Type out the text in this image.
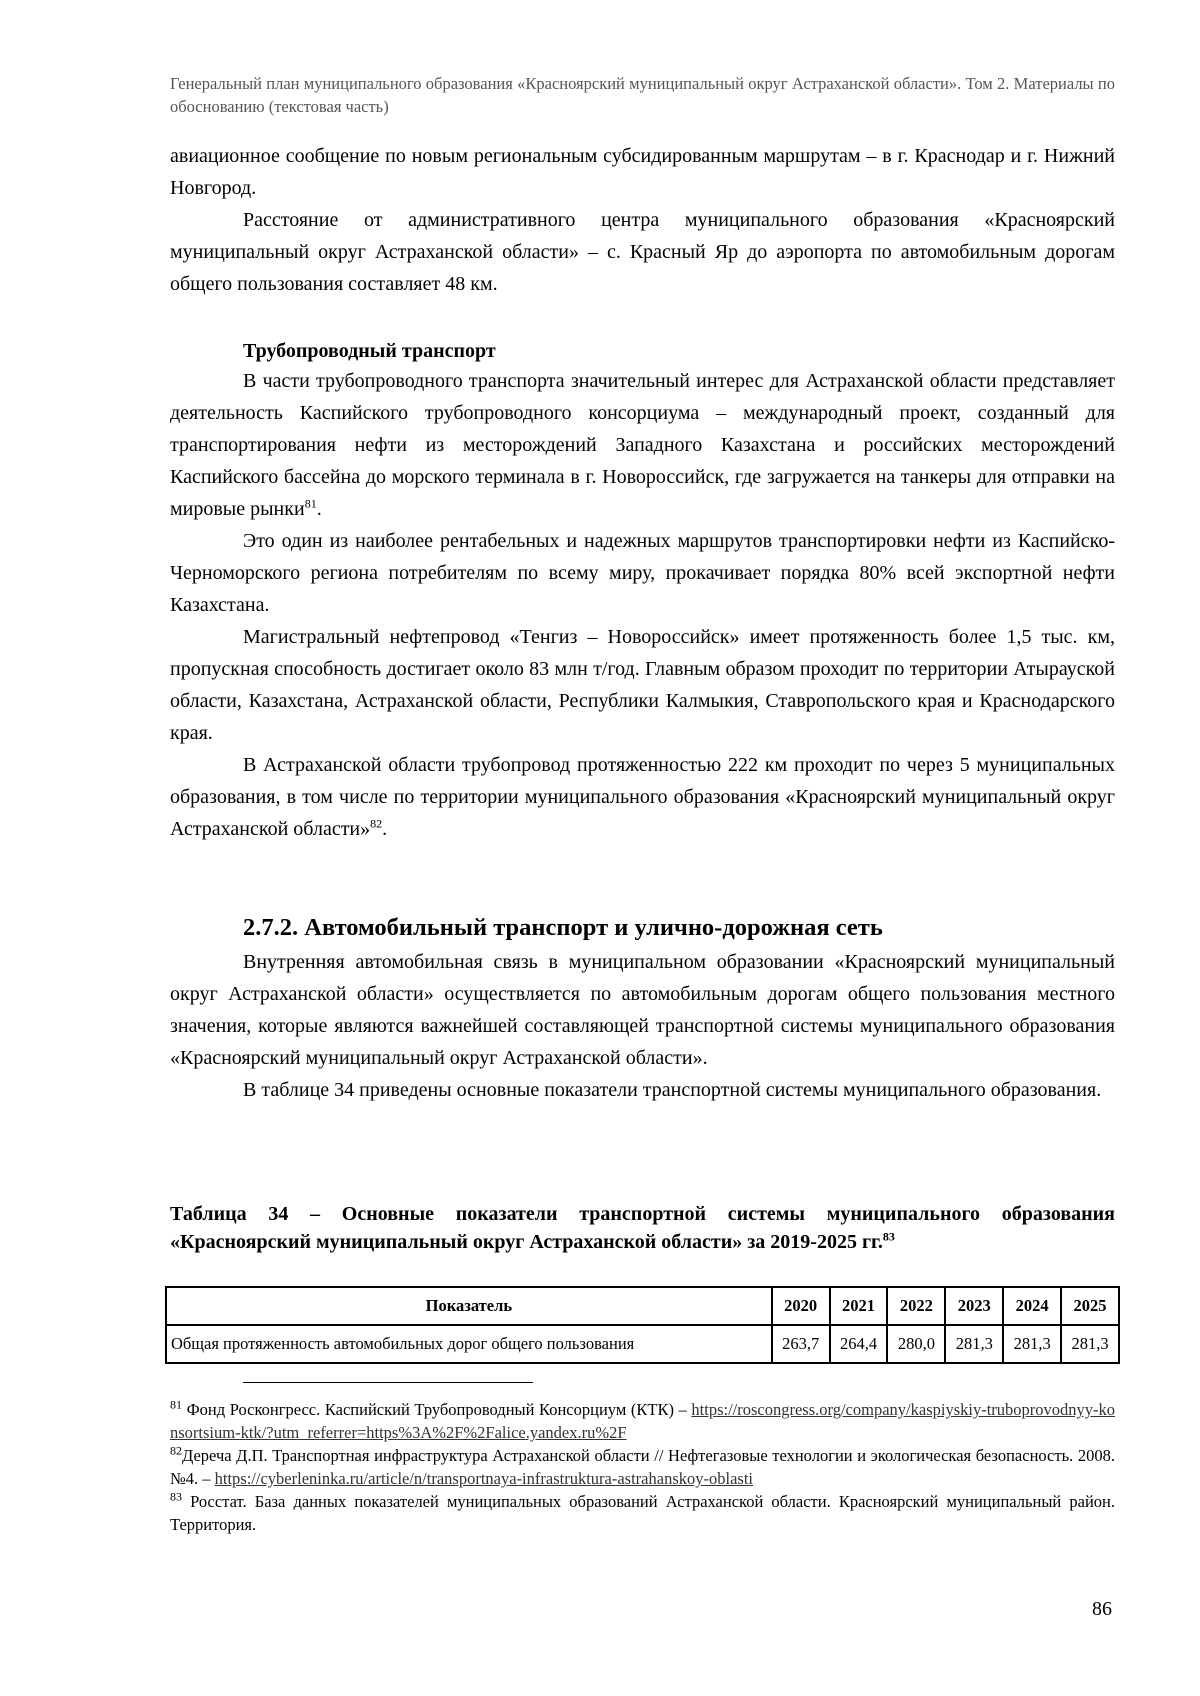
Генеральный план муниципального образования «Красноярский муниципальный округ Астраханской области». Том 2. Материалы по обоснованию (текстовая часть)

авиационное сообщение по новым региональным субсидированным маршрутам – в г. Краснодар и г. Нижний Новгород.

Расстояние от административного центра муниципального образования «Красноярский муниципальный округ Астраханской области» – с. Красный Яр до аэропорта по автомобильным дорогам общего пользования составляет 48 км.

Трубопроводный транспорт

В части трубопроводного транспорта значительный интерес для Астраханской области представляет деятельность Каспийского трубопроводного консорциума – международный проект, созданный для транспортирования нефти из месторождений Западного Казахстана и российских месторождений Каспийского бассейна до морского терминала в г. Новороссийск, где загружается на танкеры для отправки на мировые рынки$^{81}$.

Это один из наиболее рентабельных и надежных маршрутов транспортировки нефти из Каспийско-Черноморского региона потребителям по всему миру, прокачивает порядка 80% всей экспортной нефти Казахстана.

Магистральный нефтепровод «Тенгиз – Новороссийск» имеет протяженность более 1,5 тыс. км, пропускная способность достигает около 83 млн т/год. Главным образом проходит по территории Атырауской области, Казахстана, Астраханской области, Республики Калмыкия, Ставропольского края и Краснодарского края.

В Астраханской области трубопровод протяженностью 222 км проходит по через 5 муниципальных образования, в том числе по территории муниципального образования «Красноярский муниципальный округ Астраханской области»$^{82}$.

2.7.2. Автомобильный транспорт и улично-дорожная сеть

Внутренняя автомобильная связь в муниципальном образовании «Красноярский муниципальный округ Астраханской области» осуществляется по автомобильным дорогам общего пользования местного значения, которые являются важнейшей составляющей транспортной системы муниципального образования «Красноярский муниципальный округ Астраханской области».

В таблице 34 приведены основные показатели транспортной системы муниципального образования.

Таблица 34 – Основные показатели транспортной системы муниципального образования «Красноярский муниципальный округ Астраханской области» за 2019-2025 гг.$^{83}$
Показатель	2020	2021	2022	2023	2024	2025
Общая протяженность автомобильных дорог общего пользования	263,7	264,4	280,0	281,3	281,3	281,3

$^{81}$ Фонд Росконгресс. Каспийский Трубопроводный Консорциум (КТК) – https://roscongress.org/company/kaspiyskiy-truboprovodnyy-konsortsium-ktk/?utm_referrer=https%3A%2F%2Falice.yandex.ru%2F

$^{82}$Дереча Д.П. Транспортная инфраструктура Астраханской области // Нефтегазовые технологии и экологическая безопасность. 2008. №4. – https://cyberleninka.ru/article/n/transportnaya-infrastruktura-astrahanskoy-oblasti

$^{83}$ Росстат. База данных показателей муниципальных образований Астраханской области. Красноярский муниципальный район. Территория.

86
